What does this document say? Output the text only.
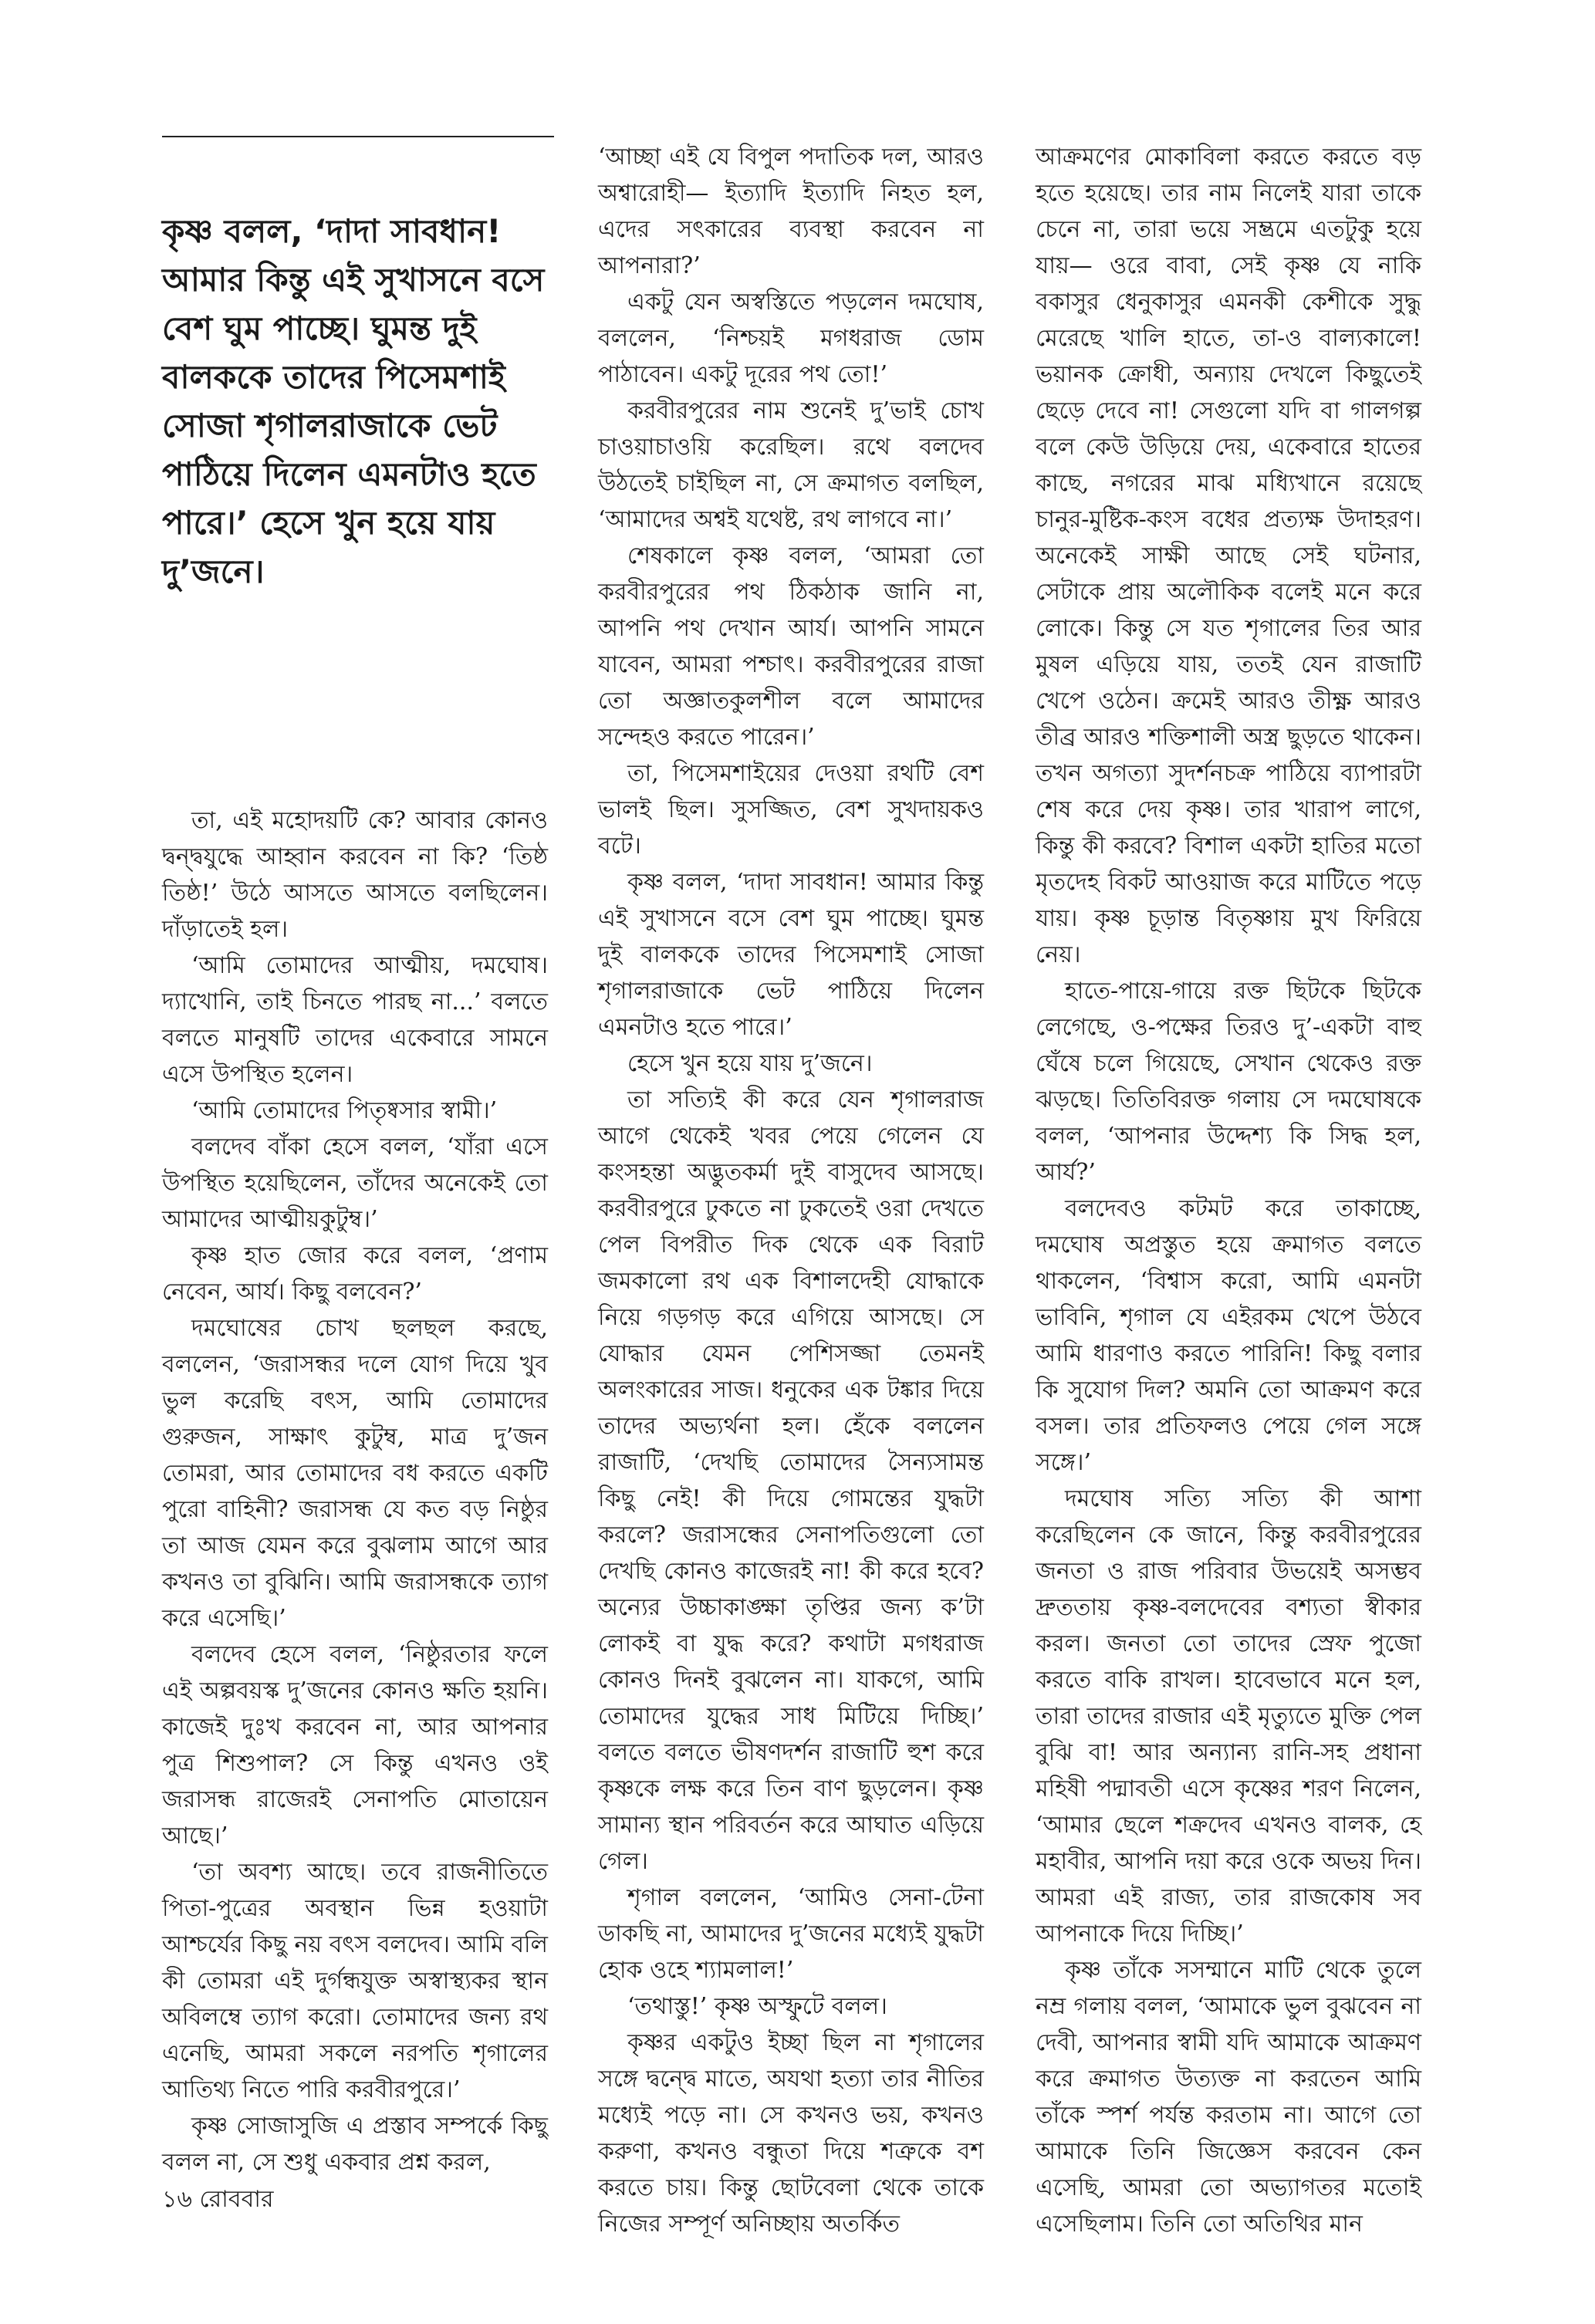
কৃষ্ণ বলল, ‘দাদা সাবধান! আমার কিন্তু এই সুখাসনে বসে বেশ ঘুম পাচ্ছে। ঘুমন্ত দুই বালককে তাদের পিসেমশাই সোজা শৃগালরাজাকে ভেট পাঠিয়ে দিলেন এমনটাও হতে পারে।’ হেসে খুন হয়ে যায় দু’জনে।

তা, এই মহোদয়টি কে? আবার কোনও দ্বন্দ্বযুদ্ধে আহ্বান করবেন না কি? ‘তিষ্ঠ তিষ্ঠ!’ উঠে আসতে আসতে বলছিলেন। দাঁড়াতেই হল।

‘আমি তোমাদের আত্মীয়, দমঘোষ। দ্যাখোনি, তাই চিনতে পারছ না...’ বলতে বলতে মানুষটি তাদের একেবারে সামনে এসে উপস্থিত হলেন।

‘আমি তোমাদের পিতৃষ্বসার স্বামী।’

বলদেব বাঁকা হেসে বলল, ‘যাঁরা এসে উপস্থিত হয়েছিলেন, তাঁদের অনেকেই তো আমাদের আত্মীয়কুটুম্ব।’

কৃষ্ণ হাত জোর করে বলল, ‘প্রণাম নেবেন, আর্য। কিছু বলবেন?’

দমঘোষের চোখ ছলছল করছে, বললেন, ‘জরাসন্ধর দলে যোগ দিয়ে খুব ভুল করেছি বৎস, আমি তোমাদের গুরুজন, সাক্ষাৎ কুটুম্ব, মাত্র দু’জন তোমরা, আর তোমাদের বধ করতে একটি পুরো বাহিনী? জরাসন্ধ যে কত বড় নিষ্ঠুর তা আজ যেমন করে বুঝলাম আগে আর কখনও তা বুঝিনি। আমি জরাসন্ধকে ত্যাগ করে এসেছি।’

বলদেব হেসে বলল, ‘নিষ্ঠুরতার ফলে এই অল্পবয়স্ক দু’জনের কোনও ক্ষতি হয়নি। কাজেই দুঃখ করবেন না, আর আপনার পুত্র শিশুপাল? সে কিন্তু এখনও ওই জরাসন্ধ রাজেরই সেনাপতি মোতায়েন আছে।’

‘তা অবশ্য আছে। তবে রাজনীতিতে পিতা-পুত্রের অবস্থান ভিন্ন হওয়াটা আশ্চর্যের কিছু নয় বৎস বলদেব। আমি বলি কী তোমরা এই দুর্গন্ধযুক্ত অস্বাস্থ্যকর স্থান অবিলম্বে ত্যাগ করো। তোমাদের জন্য রথ এনেছি, আমরা সকলে নরপতি শৃগালের আতিথ্য নিতে পারি করবীরপুরে।’

কৃষ্ণ সোজাসুজি এ প্রস্তাব সম্পর্কে কিছু বলল না, সে শুধু একবার প্রশ্ন করল,

‘আচ্ছা এই যে বিপুল পদাতিক দল, আরও অশ্বারোহী— ইত্যাদি ইত্যাদি নিহত হল, এদের সৎকারের ব্যবস্থা করবেন না আপনারা?’

একটু যেন অস্বস্তিতে পড়লেন দমঘোষ, বললেন, ‘নিশ্চয়ই মগধরাজ ডোম পাঠাবেন। একটু দূরের পথ তো!’

করবীরপুরের নাম শুনেই দু’ভাই চোখ চাওয়াচাওয়ি করেছিল। রথে বলদেব উঠতেই চাইছিল না, সে ক্রমাগত বলছিল, ‘আমাদের অশ্বই যথেষ্ট, রথ লাগবে না।’

শেষকালে কৃষ্ণ বলল, ‘আমরা তো করবীরপুরের পথ ঠিকঠাক জানি না, আপনি পথ দেখান আর্য। আপনি সামনে যাবেন, আমরা পশ্চাৎ। করবীরপুরের রাজা তো অজ্ঞাতকুলশীল বলে আমাদের সন্দেহও করতে পারেন।’

তা, পিসেমশাইয়ের দেওয়া রথটি বেশ ভালই ছিল। সুসজ্জিত, বেশ সুখদায়কও বটে।

কৃষ্ণ বলল, ‘দাদা সাবধান! আমার কিন্তু এই সুখাসনে বসে বেশ ঘুম পাচ্ছে। ঘুমন্ত দুই বালককে তাদের পিসেমশাই সোজা শৃগালরাজাকে ভেট পাঠিয়ে দিলেন এমনটাও হতে পারে।’

হেসে খুন হয়ে যায় দু’জনে।

তা সত্যিই কী করে যেন শৃগালরাজ আগে থেকেই খবর পেয়ে গেলেন যে কংসহন্তা অদ্ভুতকর্মা দুই বাসুদেব আসছে। করবীরপুরে ঢুকতে না ঢুকতেই ওরা দেখতে পেল বিপরীত দিক থেকে এক বিরাট জমকালো রথ এক বিশালদেহী যোদ্ধাকে নিয়ে গড়গড় করে এগিয়ে আসছে। সে যোদ্ধার যেমন পেশিসজ্জা তেমনই অলংকারের সাজ। ধনুকের এক টঙ্কার দিয়ে তাদের অভ্যর্থনা হল। হেঁকে বললেন রাজাটি, ‘দেখছি তোমাদের সৈন্যসামন্ত কিছু নেই! কী দিয়ে গোমন্তের যুদ্ধটা করলে? জরাসন্ধের সেনাপতিগুলো তো দেখছি কোনও কাজেরই না! কী করে হবে? অন্যের উচ্চাকাঙ্ক্ষা তৃপ্তির জন্য ক’টা লোকই বা যুদ্ধ করে? কথাটা মগধরাজ কোনও দিনই বুঝলেন না। যাকগে, আমি তোমাদের যুদ্ধের সাধ মিটিয়ে দিচ্ছি।’ বলতে বলতে ভীষণদর্শন রাজাটি হুশ করে কৃষ্ণকে লক্ষ করে তিন বাণ ছুড়লেন। কৃষ্ণ সামান্য স্থান পরিবর্তন করে আঘাত এড়িয়ে গেল।

শৃগাল বললেন, ‘আমিও সেনা-টেনা ডাকছি না, আমাদের দু’জনের মধ্যেই যুদ্ধটা হোক ওহে শ্যামলাল!’

‘তথাস্তু!’ কৃষ্ণ অস্ফুটে বলল।

কৃষ্ণর একটুও ইচ্ছা ছিল না শৃগালের সঙ্গে দ্বন্দ্বে মাতে, অযথা হত্যা তার নীতির মধ্যেই পড়ে না। সে কখনও ভয়, কখনও করুণা, কখনও বন্ধুতা দিয়ে শত্রুকে বশ করতে চায়। কিন্তু ছোটবেলা থেকে তাকে নিজের সম্পূর্ণ অনিচ্ছায় অতর্কিত

আক্রমণের মোকাবিলা করতে করতে বড় হতে হয়েছে। তার নাম নিলেই যারা তাকে চেনে না, তারা ভয়ে সম্ভ্রমে এতটুকু হয়ে যায়— ওরে বাবা, সেই কৃষ্ণ যে নাকি বকাসুর ধেনুকাসুর এমনকী কেশীকে সুদ্ধু মেরেছে খালি হাতে, তা-ও বাল্যকালে! ভয়ানক ক্রোধী, অন্যায় দেখলে কিছুতেই ছেড়ে দেবে না! সেগুলো যদি বা গালগল্প বলে কেউ উড়িয়ে দেয়, একেবারে হাতের কাছে, নগরের মাঝ মধ্যিখানে রয়েছে চানুর-মুষ্টিক-কংস বধের প্রত্যক্ষ উদাহরণ। অনেকেই সাক্ষী আছে সেই ঘটনার, সেটাকে প্রায় অলৌকিক বলেই মনে করে লোকে। কিন্তু সে যত শৃগালের তির আর মুষল এড়িয়ে যায়, ততই যেন রাজাটি খেপে ওঠেন। ক্রমেই আরও তীক্ষ্ণ আরও তীব্র আরও শক্তিশালী অস্ত্র ছুড়তে থাকেন। তখন অগত্যা সুদর্শনচক্র পাঠিয়ে ব্যাপারটা শেষ করে দেয় কৃষ্ণ। তার খারাপ লাগে, কিন্তু কী করবে? বিশাল একটা হাতির মতো মৃতদেহ বিকট আওয়াজ করে মাটিতে পড়ে যায়। কৃষ্ণ চূড়ান্ত বিতৃষ্ণায় মুখ ফিরিয়ে নেয়।

হাতে-পায়ে-গায়ে রক্ত ছিটকে ছিটকে লেগেছে, ও-পক্ষের তিরও দু’-একটা বাহু ঘেঁষে চলে গিয়েছে, সেখান থেকেও রক্ত ঝড়ছে। তিতিবিরক্ত গলায় সে দমঘোষকে বলল, ‘আপনার উদ্দেশ্য কি সিদ্ধ হল, আর্য?’

বলদেবও কটমট করে তাকাচ্ছে, দমঘোষ অপ্রস্তুত হয়ে ক্রমাগত বলতে থাকলেন, ‘বিশ্বাস করো, আমি এমনটা ভাবিনি, শৃগাল যে এইরকম খেপে উঠবে আমি ধারণাও করতে পারিনি! কিছু বলার কি সুযোগ দিল? অমনি তো আক্রমণ করে বসল। তার প্রতিফলও পেয়ে গেল সঙ্গে সঙ্গে।’

দমঘোষ সত্যি সত্যি কী আশা করেছিলেন কে জানে, কিন্তু করবীরপুরের জনতা ও রাজ পরিবার উভয়েই অসম্ভব দ্রুততায় কৃষ্ণ-বলদেবের বশ্যতা স্বীকার করল। জনতা তো তাদের স্রেফ পুজো করতে বাকি রাখল। হাবেভাবে মনে হল, তারা তাদের রাজার এই মৃত্যুতে মুক্তি পেল বুঝি বা! আর অন্যান্য রানি-সহ প্রধানা মহিষী পদ্মাবতী এসে কৃষ্ণের শরণ নিলেন, ‘আমার ছেলে শক্রদেব এখনও বালক, হে মহাবীর, আপনি দয়া করে ওকে অভয় দিন। আমরা এই রাজ্য, তার রাজকোষ সব আপনাকে দিয়ে দিচ্ছি।’

কৃষ্ণ তাঁকে সসম্মানে মাটি থেকে তুলে নম্র গলায় বলল, ‘আমাকে ভুল বুঝবেন না দেবী, আপনার স্বামী যদি আমাকে আক্রমণ করে ক্রমাগত উত্যক্ত না করতেন আমি তাঁকে স্পর্শ পর্যন্ত করতাম না। আগে তো আমাকে তিনি জিজ্ঞেস করবেন কেন এসেছি, আমরা তো অভ্যাগতর মতোই এসেছিলাম। তিনি তো অতিথির মান

১৬ রোববার
